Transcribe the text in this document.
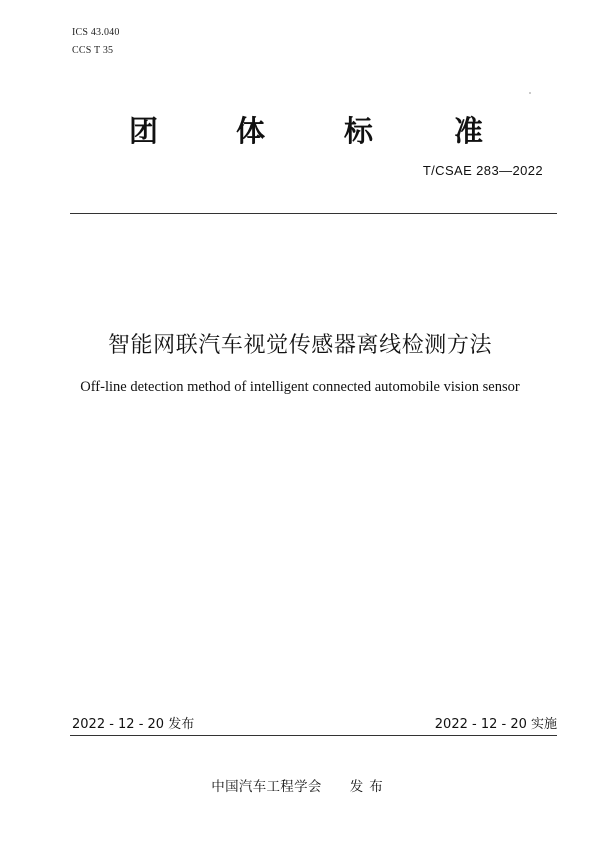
ICS 43.040
CCS T 35
团	体	标	准
T/CSAE 283—2022
智能网联汽车视觉传感器离线检测方法
Off-line detection method of intelligent connected automobile vision sensor
2022 - 12 - 20 发布	2022 - 12 - 20 实施
中国汽车工程学会 发布
